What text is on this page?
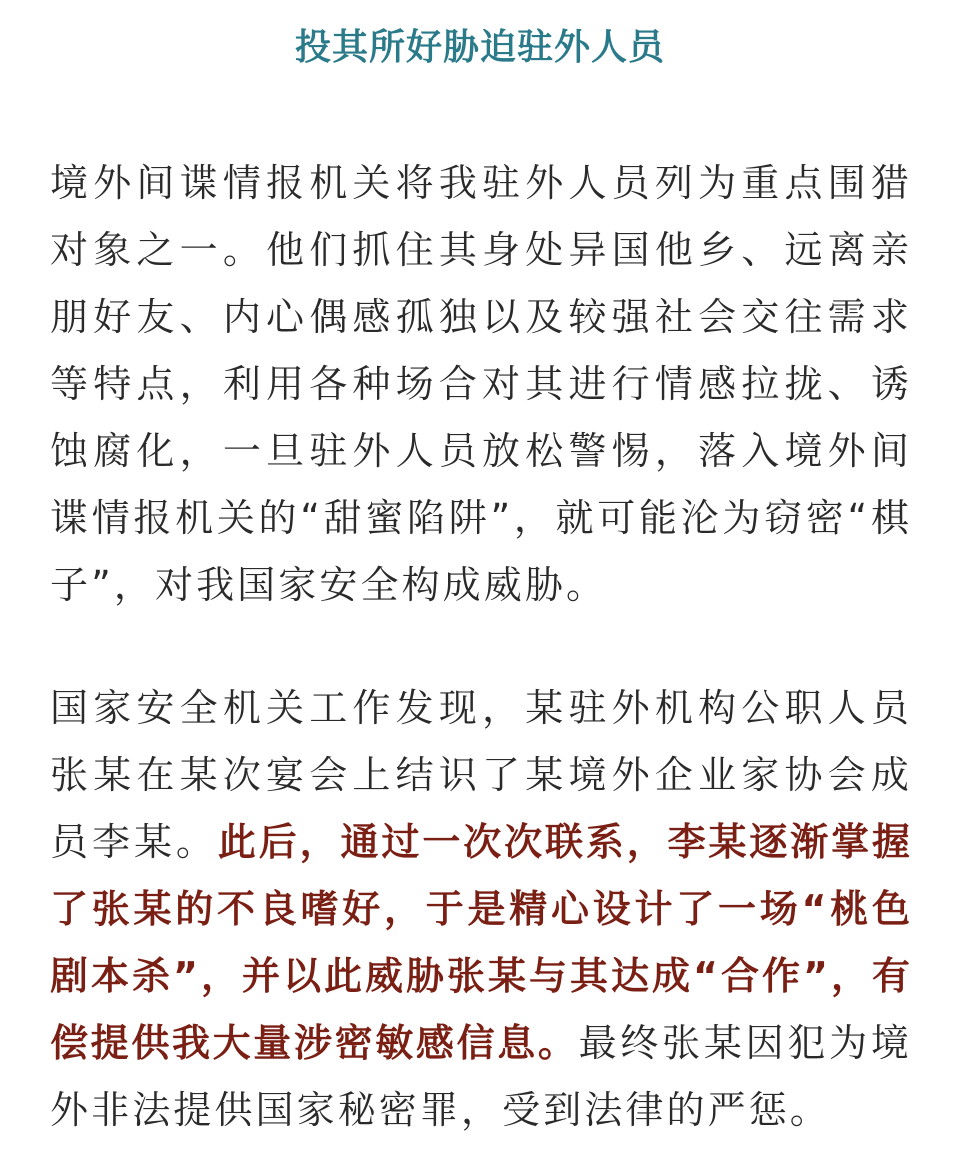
投其所好胁迫驻外人员

境外间谍情报机关将我驻外人员列为重点围猎对象之一。他们抓住其身处异国他乡、远离亲朋好友、内心偶感孤独以及较强社会交往需求等特点，利用各种场合对其进行情感拉拢、诱蚀腐化，一旦驻外人员放松警惕，落入境外间谍情报机关的“甜蜜陷阱”，就可能沦为窃密“棋子”，对我国家安全构成威胁。

国家安全机关工作发现，某驻外机构公职人员张某在某次宴会上结识了某境外企业家协会成员李某。此后，通过一次次联系，李某逐渐掌握了张某的不良嗜好，于是精心设计了一场“桃色剧本杀”，并以此威胁张某与其达成“合作”，有偿提供我大量涉密敏感信息。最终张某因犯为境外非法提供国家秘密罪，受到法律的严惩。
